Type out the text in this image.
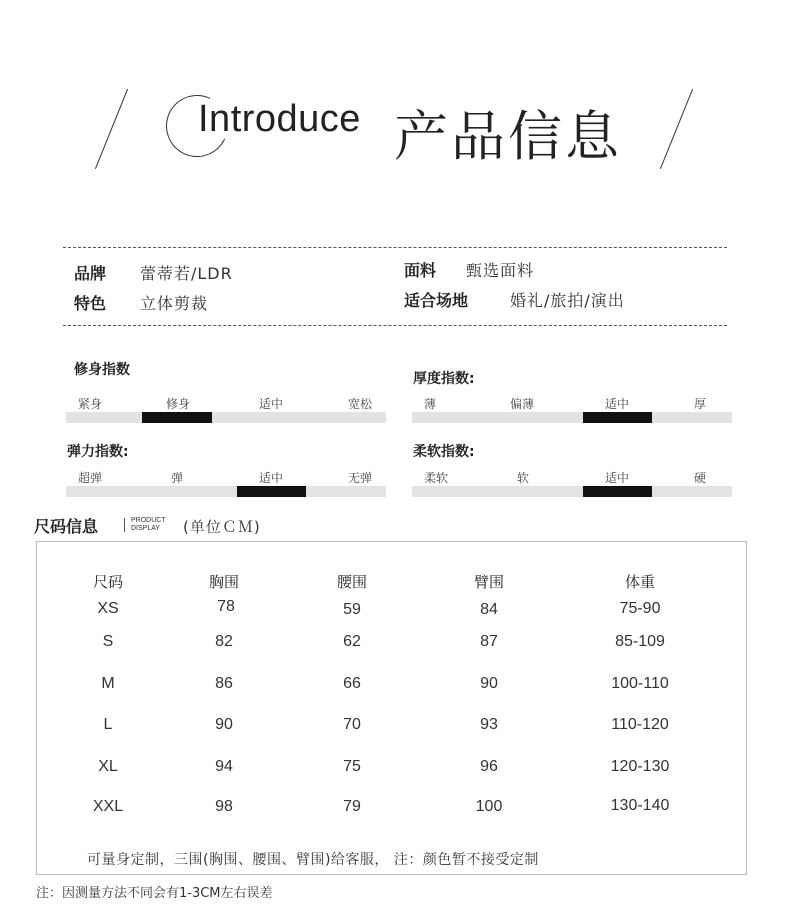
Introduce 产品信息
品牌 蕾蒂若/LDR	面料 甄选面料
特色 立体剪裁	适合场地	婚礼/旅拍/演出
修身指数
紧身	修身	适中	宽松
厚度指数:
薄	偏薄	适中	厚
弹力指数:
超弹	弹	适中	无弹
柔软指数:
柔软	软	适中	硬
尺码信息	PRODUCT
DISPLAY	(单位ＣＭ)
尺码	胸围	腰围	臂围	体重
XS	78	59	84	75-90
S	82	62	87	85-109
M	86	66	90	100-110
L	90	70	93	110-120
XL	94	75	96	120-130
XXL	98	79	100	130-140
可量身定制，三围(胸围、腰围、臂围)给客服， 注：颜色暂不接受定制
注：因测量方法不同会有1-3CM左右误差
